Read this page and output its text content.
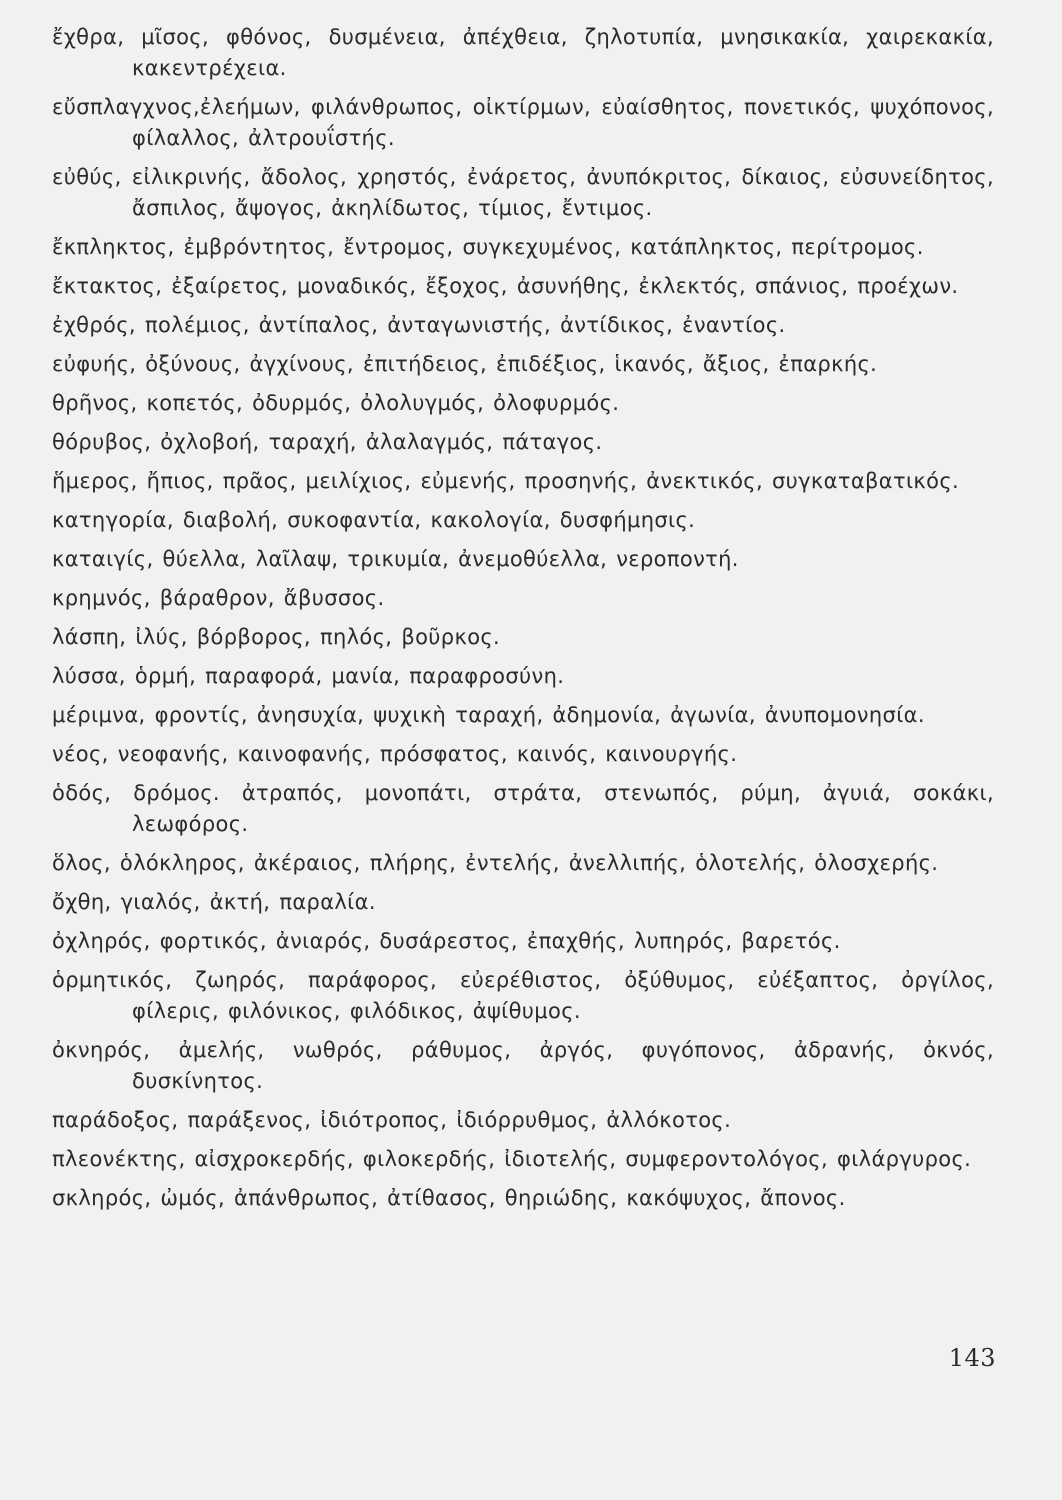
ἔχθρα, μῖσος, φθόνος, δυσμένεια, ἀπέχθεια, ζηλοτυπία, μνησικακία, χαιρεκακία, κακεντρέχεια.
εὔσπλαγχνος,ἐλεήμων, φιλάνθρωπος, οἰκτίρμων, εὐαίσθητος, πονετικός, ψυχόπονος, φίλαλλος, ἀλτρουΐστής.
εὐθύς, εἰλικρινής, ἄδολος, χρηστός, ἐνάρετος, ἀνυπόκριτος, δίκαιος, εὐσυνείδητος, ἄσπιλος, ἄψογος, ἀκηλίδωτος, τίμιος, ἔντιμος.
ἔκπληκτος, ἐμβρόντητος, ἔντρομος, συγκεχυμένος, κατάπληκτος, περίτρομος.
ἔκτακτος, ἐξαίρετος, μοναδικός, ἔξοχος, ἀσυνήθης, ἐκλεκτός, σπάνιος, προέχων.
ἐχθρός, πολέμιος, ἀντίπαλος, ἀνταγωνιστής, ἀντίδικος, ἐναντίος.
εὐφυής, ὀξύνους, ἀγχίνους, ἐπιτήδειος, ἐπιδέξιος, ἱκανός, ἄξιος, ἐπαρκής.
θρῆνος, κοπετός, ὀδυρμός, ὀλολυγμός, ὀλοφυρμός.
θόρυβος, ὀχλοβοή, ταραχή, ἀλαλαγμός, πάταγος.
ἥμερος, ἤπιος, πρᾶος, μειλίχιος, εὐμενής, προσηνής, ἀνεκτικός, συγκαταβατικός.
κατηγορία, διαβολή, συκοφαντία, κακολογία, δυσφήμησις.
καταιγίς, θύελλα, λαῖλαψ, τρικυμία, ἀνεμοθύελλα, νεροποντή.
κρημνός, βάραθρον, ἄβυσσος.
λάσπη, ἰλύς, βόρβορος, πηλός, βοῦρκος.
λύσσα, ὁρμή, παραφορά, μανία, παραφροσύνη.
μέριμνα, φροντίς, ἀνησυχία, ψυχικὴ ταραχή, ἀδημονία, ἀγωνία, ἀνυπομονησία.
νέος, νεοφανής, καινοφανής, πρόσφατος, καινός, καινουργής.
ὁδός, δρόμος. ἀτραπός, μονοπάτι, στράτα, στενωπός, ρύμη, ἀγυιά, σοκάκι, λεωφόρος.
ὅλος, ὁλόκληρος, ἀκέραιος, πλήρης, ἐντελής, ἀνελλιπής, ὁλοτελής, ὁλοσχερής.
ὄχθη, γιαλός, ἀκτή, παραλία.
ὀχληρός, φορτικός, ἀνιαρός, δυσάρεστος, ἐπαχθής, λυπηρός, βαρετός.
ὁρμητικός, ζωηρός, παράφορος, εὐερέθιστος, ὀξύθυμος, εὐέξαπτος, ὀργίλος, φίλερις, φιλόνικος, φιλόδικος, ἀψίθυμος.
ὀκνηρός, ἀμελής, νωθρός, ράθυμος, ἀργός, φυγόπονος, ἀδρανής, ὀκνός, δυσκίνητος.
παράδοξος, παράξενος, ἰδιότροπος, ἰδιόρρυθμος, ἀλλόκοτος.
πλεονέκτης, αἰσχροκερδής, φιλοκερδής, ἰδιοτελής, συμφεροντολόγος, φιλάργυρος.
σκληρός, ὠμός, ἀπάνθρωπος, ἀτίθασος, θηριώδης, κακόψυχος, ἄπονος.
143
